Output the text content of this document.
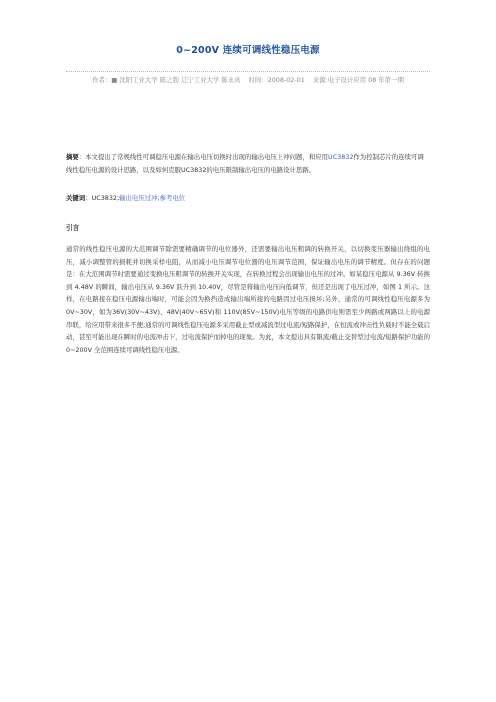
0~200V 连续可调线性稳压电源
作者：■ 沈阳工业大学 陈之勃 辽宁工业大学 陈永真 时间：2008-02-01 来源:电子设计应用 08 年第一期
摘要：本文提出了常规线性可调稳压电源在输出电压切换时出现的输出电压上冲问题，和应用UC3832作为控制芯片的连续可调线性稳压电源的设计思路，以及如何克服UC3832的电压限制输出电压的电路设计思路。
关键词：UC3832;输出电压过冲;参考电位
引言
通常的线性稳压电源的大范围调节除需要精确调节的电位器外，还需要输出电压粗调的转换开关，以切换变压器输出绕组的电压，减小调整管的损耗并切换采样电阻，从而减小电压调节电位器的电压调节范围，保证输出电压的调节精度。但存在的问题是：在大范围调节时需要通过变换电压粗调节的转换开关实现，在转换过程会出现输出电压的过冲。如某稳压电源从 9.36V 转换到 4.48V 的瞬间，输出电压从 9.36V 跃升到 10.40V，尽管是将输出电压向低调节，但还是出现了电压过冲，如图 1 所示。这样，在电路接在稳压电源输出端时，可能会因为换挡造成输出端所接的电路因过电压损坏;另外，通常的可调线性稳压电源多为 0V~30V，如为36V(30V~43V)、48V(40V~65V)和 110V(85V~150V)电压等级的电路供电则需至少两路或两路以上的电源串联，给应用带来很多不便;通常的可调线性稳压电源多采用截止型或减流型过电流/短路保护，在恒流或冲击性负载时不能全载启动，甚至可能出现在瞬时的电流冲击下，过电流保护而掉电的现象。为此，本文提出具有限流/截止交替型过电流/短路保护功能的 0~200V 全范围连续可调线性稳压电源。
